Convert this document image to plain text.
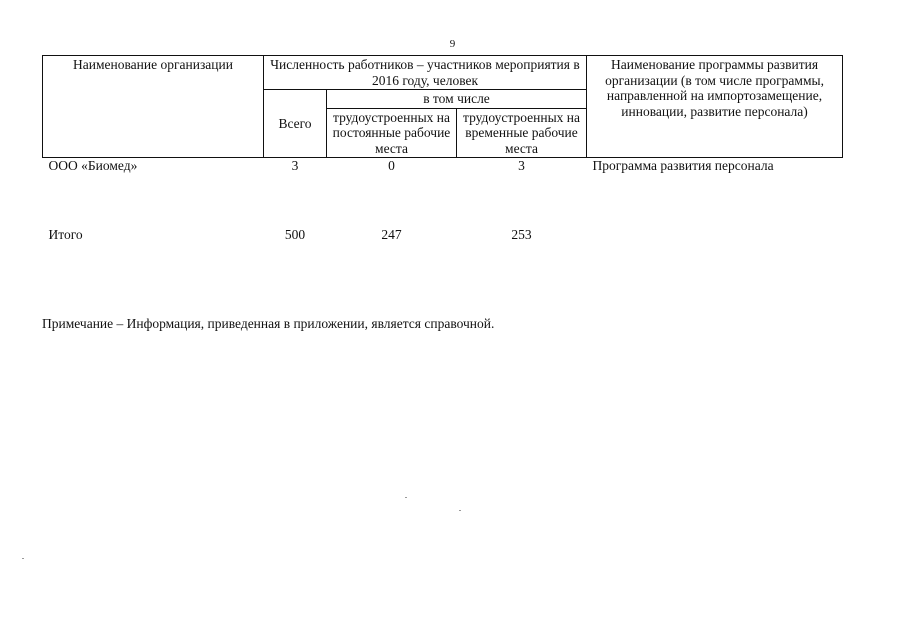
9
Наименование организации	Численность работников – участников мероприятия в 2016 году, человек			Наименование программы развития организации (в том числе программы, направленной на импортозамещение, инновации, развитие персонала)
	Всего	в том числе		
		трудоустроенных на постоянные рабочие места	трудоустроенных на временные рабочие места	
ООО «Биомед»	3	0	3	Программа развития персонала

Итого	500	247	253	
Примечание – Информация, приведенная в приложении, является справочной.
